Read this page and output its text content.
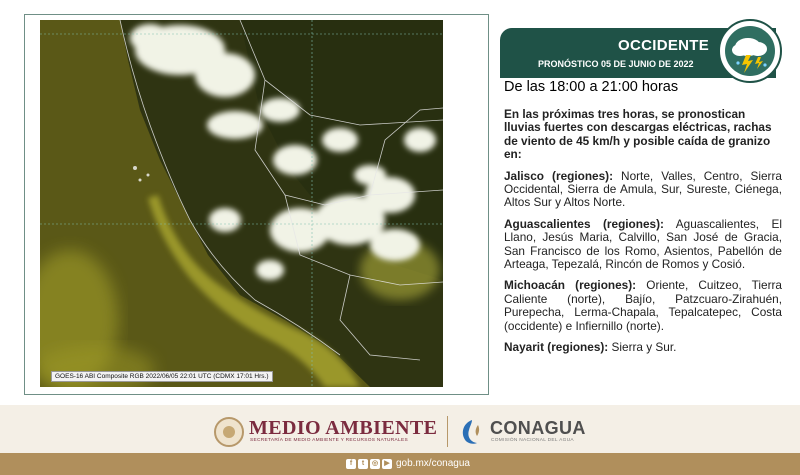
GOES-16 ABI Composite RGB 2022/06/05 22:01 UTC (CDMX 17:01 Hrs.)
OCCIDENTE
PRONÓSTICO 05 DE JUNIO DE 2022
De las 18:00 a 21:00 horas

En las próximas tres horas, se pronostican lluvias fuertes con descargas eléctricas, rachas de viento de 45 km/h y posible caída de granizo en:

Jalisco (regiones): Norte, Valles, Centro, Sierra Occidental, Sierra de Amula, Sur, Sureste, Ciénega, Altos Sur y Altos Norte.

Aguascalientes (regiones): Aguascalientes, El Llano, Jesús Maria, Calvillo, San José de Gracia, San Francisco de los Romo, Asientos, Pabellón de Arteaga, Tepezalá, Rincón de Romos y Cosió.

Michoacán (regiones): Oriente, Cuitzeo, Tierra Caliente (norte), Bajío, Patzcuaro-Zirahuén, Purepecha, Lerma-Chapala, Tepalcatepec, Costa (occidente) e Infiernillo (norte).

Nayarit (regiones): Sierra y Sur.

MEDIO AMBIENTE
SECRETARÍA DE MEDIO AMBIENTE Y RECURSOS NATURALES
CONAGUA
COMISIÓN NACIONAL DEL AGUA
f	t	◎ ▶ gob.mx/conagua
